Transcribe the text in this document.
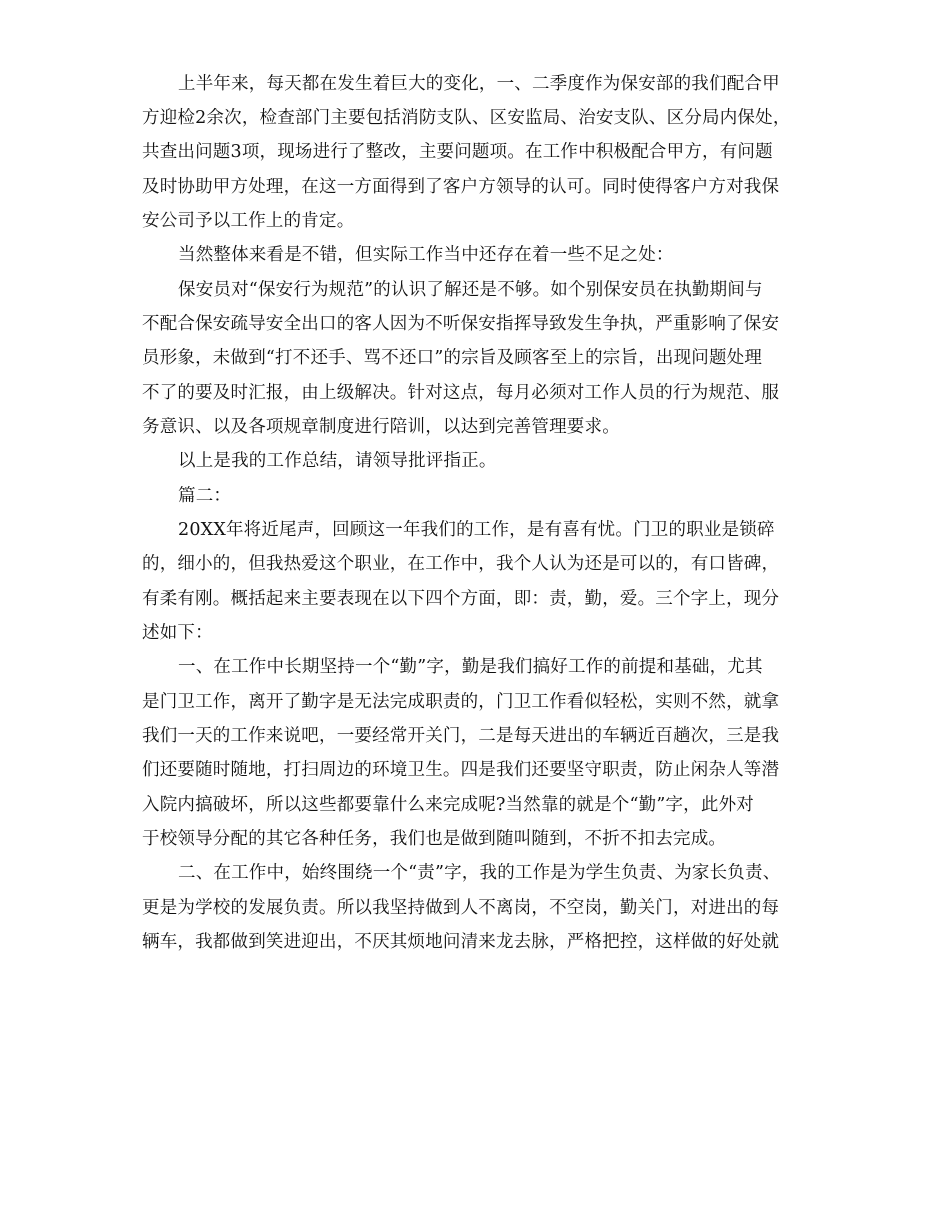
上半年来，每天都在发生着巨大的变化，一、二季度作为保安部的我们配合甲
方迎检2余次，检查部门主要包括消防支队、区安监局、治安支队、区分局内保处，
共查出问题3项，现场进行了整改，主要问题项。在工作中积极配合甲方，有问题
及时协助甲方处理，在这一方面得到了客户方领导的认可。同时使得客户方对我保
安公司予以工作上的肯定。
当然整体来看是不错，但实际工作当中还存在着一些不足之处：
保安员对“保安行为规范”的认识了解还是不够。如个别保安员在执勤期间与
不配合保安疏导安全出口的客人因为不听保安指挥导致发生争执，严重影响了保安
员形象，未做到“打不还手、骂不还口”的宗旨及顾客至上的宗旨，出现问题处理
不了的要及时汇报，由上级解决。针对这点，每月必须对工作人员的行为规范、服
务意识、以及各项规章制度进行陪训，以达到完善管理要求。
以上是我的工作总结，请领导批评指正。
篇二：
20XX年将近尾声，回顾这一年我们的工作，是有喜有忧。门卫的职业是锁碎
的，细小的，但我热爱这个职业，在工作中，我个人认为还是可以的，有口皆碑，
有柔有刚。概括起来主要表现在以下四个方面，即：责，勤，爱。三个字上，现分
述如下：
一、在工作中长期坚持一个“勤”字，勤是我们搞好工作的前提和基础，尤其
是门卫工作，离开了勤字是无法完成职责的，门卫工作看似轻松，实则不然，就拿
我们一天的工作来说吧，一要经常开关门，二是每天进出的车辆近百趟次，三是我
们还要随时随地，打扫周边的环境卫生。四是我们还要坚守职责，防止闲杂人等潜
入院内搞破坏，所以这些都要靠什么来完成呢?当然靠的就是个“勤”字，此外对
于校领导分配的其它各种任务，我们也是做到随叫随到，不折不扣去完成。
二、在工作中，始终围绕一个“责”字，我的工作是为学生负责、为家长负责、
更是为学校的发展负责。所以我坚持做到人不离岗，不空岗，勤关门，对进出的每
辆车，我都做到笑进迎出，不厌其烦地问清来龙去脉，严格把控，这样做的好处就
